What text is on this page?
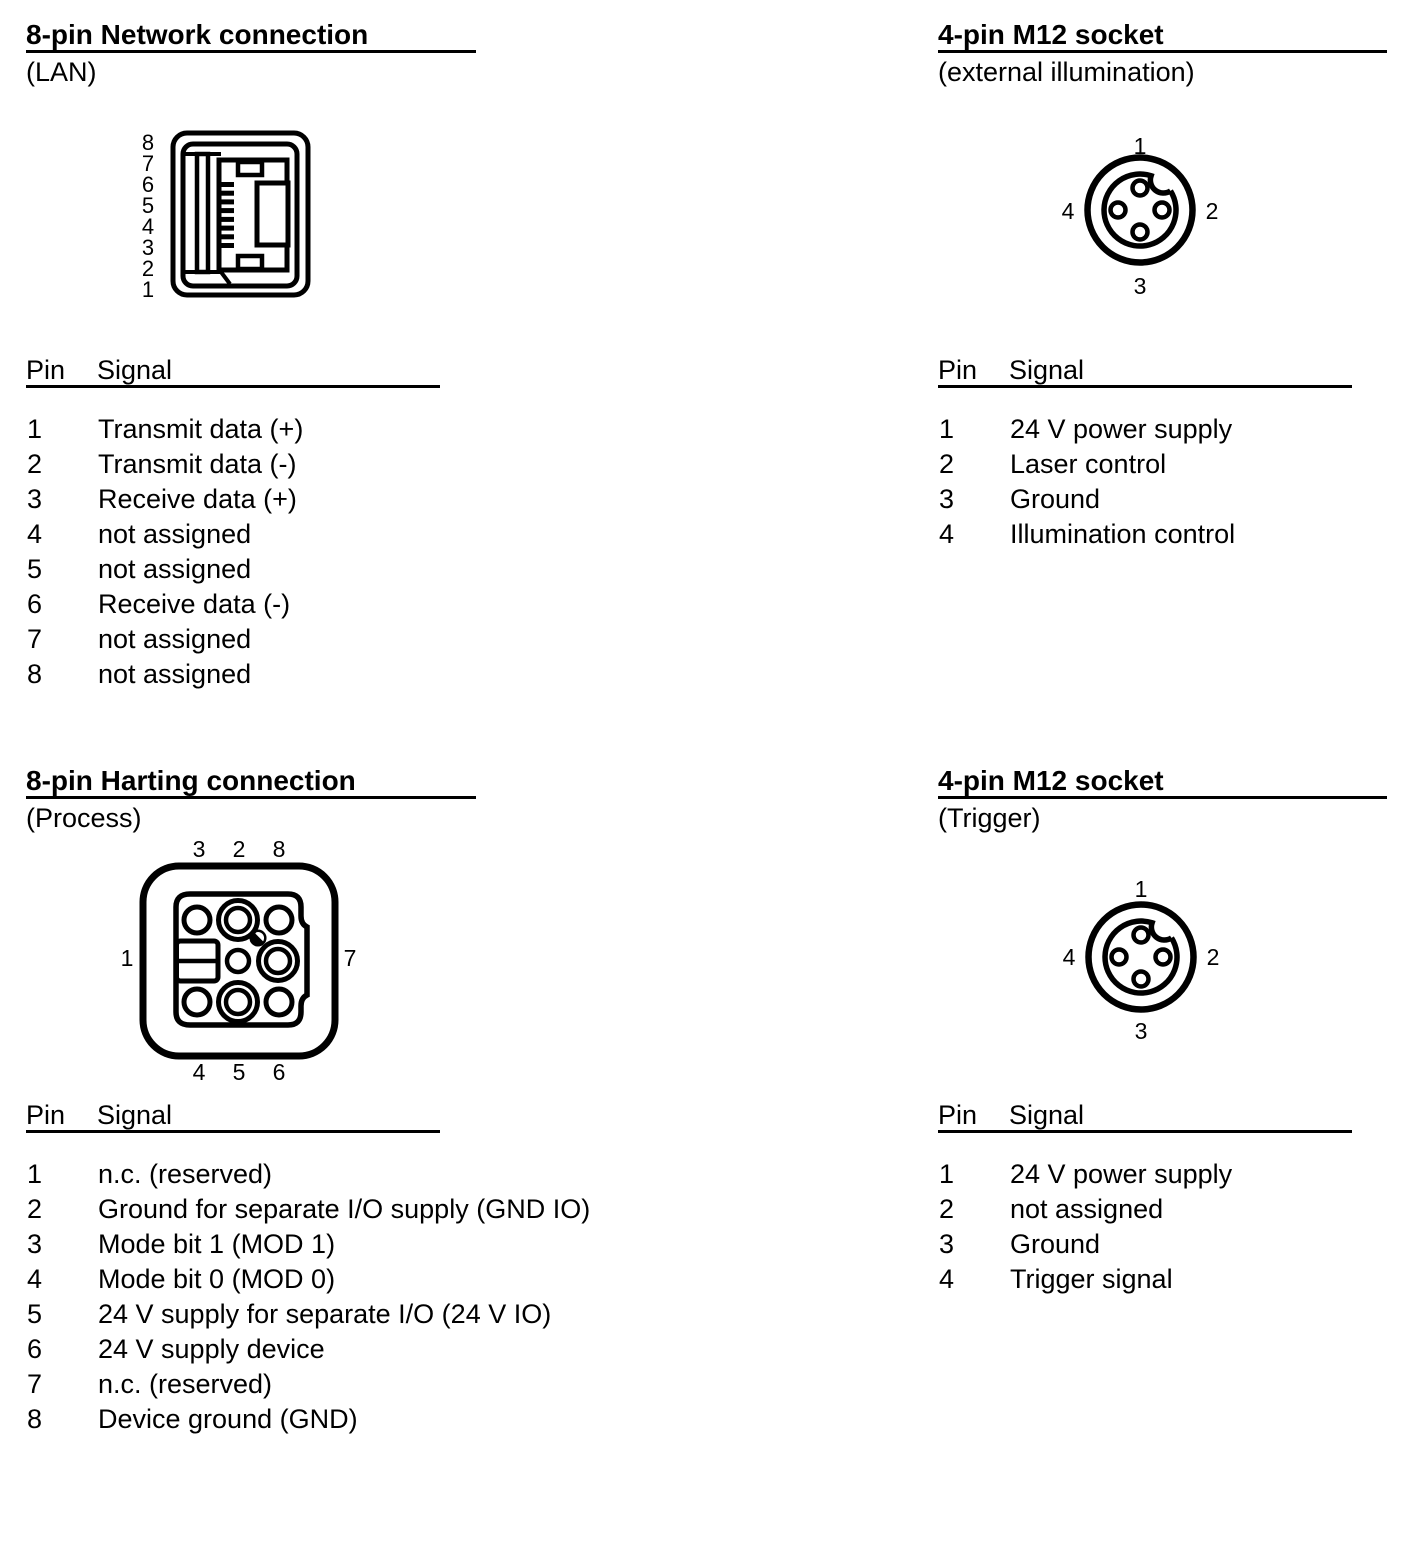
8-pin Network connection
(LAN)
8
7
6
5
4
3
2
1
Pin Signal
1 Transmit data (+)
2 Transmit data (-)
3 Receive data (+)
4 not assigned
5 not assigned
6 Receive data (-)
7 not assigned
8 not assigned
4-pin M12 socket
(external illumination)
1
2
3
4
Pin Signal
1 24 V power supply
2 Laser control
3 Ground
4 Illumination control
8-pin Harting connection
(Process)
3 2 8
1	7
4 5 6
Pin Signal
1 n.c. (reserved)
2 Ground for separate I/O supply (GND IO)
3 Mode bit 1 (MOD 1)
4 Mode bit 0 (MOD 0)
5 24 V supply for separate I/O (24 V IO)
6 24 V supply device
7 n.c. (reserved)
8 Device ground (GND)
4-pin M12 socket
(Trigger)
1
2
3
4
Pin Signal
1 24 V power supply
2 not assigned
3 Ground
4 Trigger signal
